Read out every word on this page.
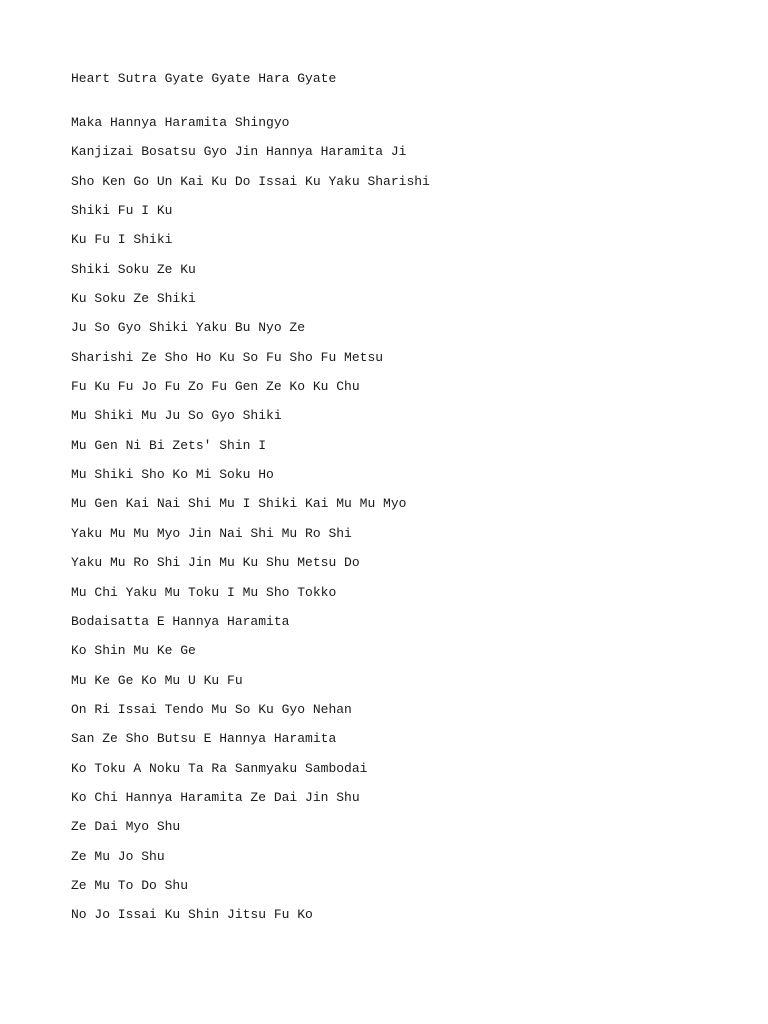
Heart Sutra Gyate Gyate Hara Gyate
Maka Hannya Haramita Shingyo
Kanjizai Bosatsu Gyo Jin Hannya Haramita Ji
Sho Ken Go Un Kai Ku Do Issai Ku Yaku Sharishi
Shiki Fu I Ku
Ku Fu I Shiki
Shiki Soku Ze Ku
Ku Soku Ze Shiki
Ju So Gyo Shiki Yaku Bu Nyo Ze
Sharishi Ze Sho Ho Ku So Fu Sho Fu Metsu
Fu Ku Fu Jo Fu Zo Fu Gen Ze Ko Ku Chu
Mu Shiki Mu Ju So Gyo Shiki
Mu Gen Ni Bi Zets' Shin I
Mu Shiki Sho Ko Mi Soku Ho
Mu Gen Kai Nai Shi Mu I Shiki Kai Mu Mu Myo
Yaku Mu Mu Myo Jin Nai Shi Mu Ro Shi
Yaku Mu Ro Shi Jin Mu Ku Shu Metsu Do
Mu Chi Yaku Mu Toku I Mu Sho Tokko
Bodaisatta E Hannya Haramita
Ko Shin Mu Ke Ge
Mu Ke Ge Ko Mu U Ku Fu
On Ri Issai Tendo Mu So Ku Gyo Nehan
San Ze Sho Butsu E Hannya Haramita
Ko Toku A Noku Ta Ra Sanmyaku Sambodai
Ko Chi Hannya Haramita Ze Dai Jin Shu
Ze Dai Myo Shu
Ze Mu Jo Shu
Ze Mu To Do Shu
No Jo Issai Ku Shin Jitsu Fu Ko
